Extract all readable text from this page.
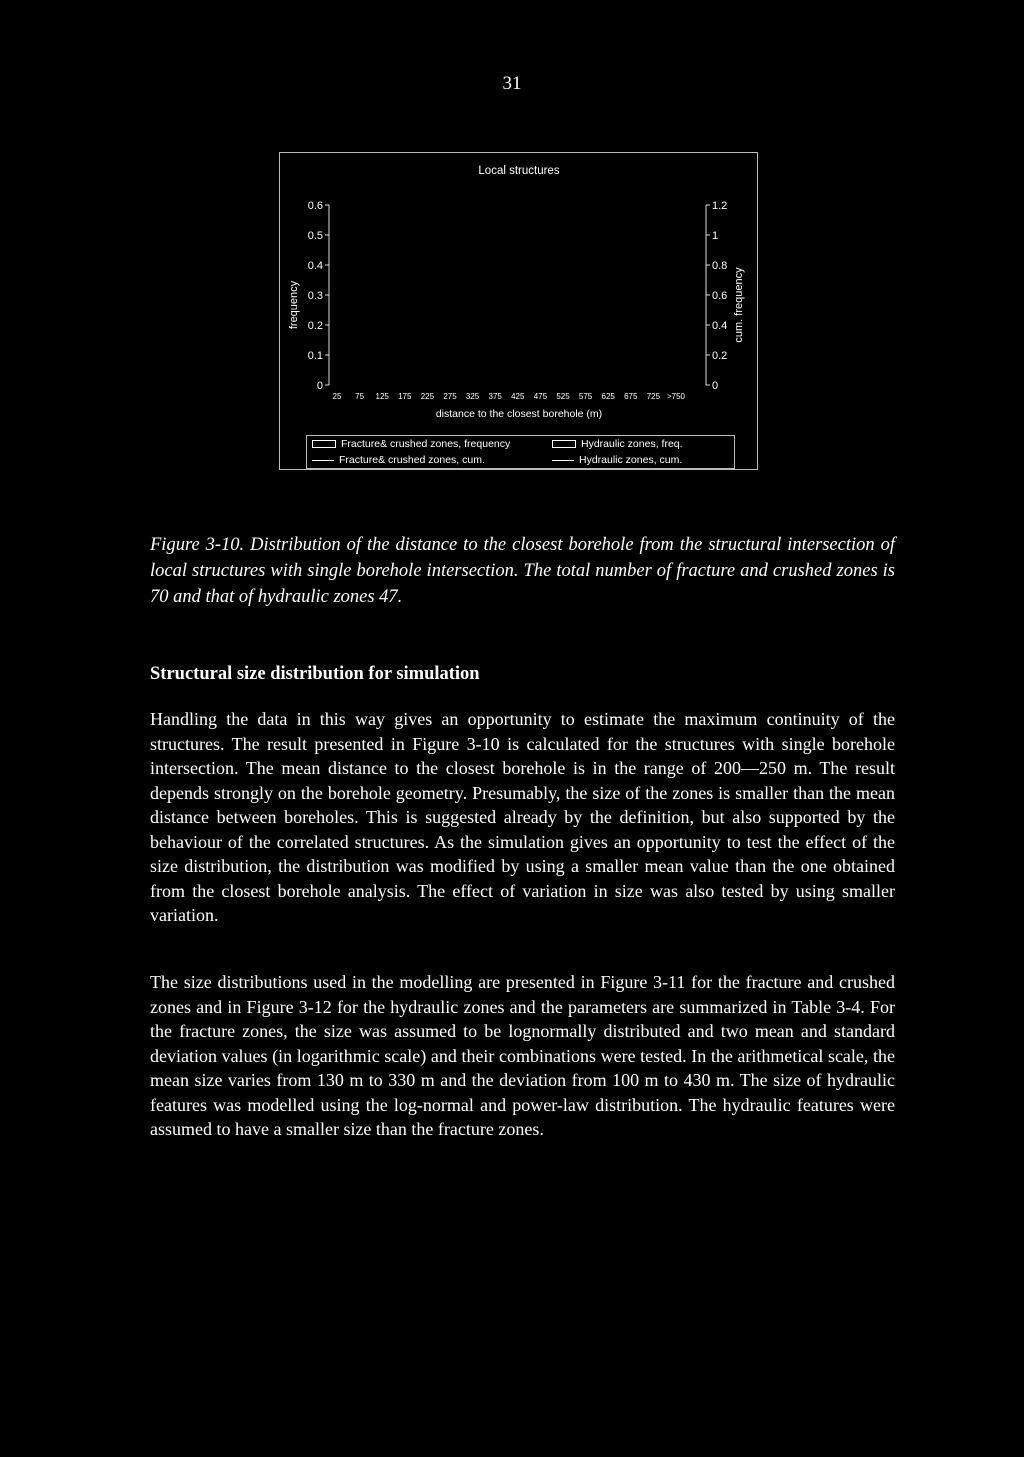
31
Local structures
frequency	cum. frequency
distance to the closest borehole (m)
0
0.1
0.2
0.3
0.4
0.5
0.6
0
0.2
0.4
0.6
0.8
1
1.2
25 75 125 175 225 275 325 375 425 475 525 575 625 675 725 >750
Fracture& crushed zones, frequency
Fracture& crushed zones, cum.
Hydraulic zones, freq.
Hydraulic zones, cum.
Figure 3-10. Distribution of the distance to the closest borehole from the structural intersection of local structures with single borehole intersection. The total number of fracture and crushed zones is 70 and that of hydraulic zones 47.
Structural size distribution for simulation
Handling the data in this way gives an opportunity to estimate the maximum continuity of the structures. The result presented in Figure 3-10 is calculated for the structures with single borehole intersection. The mean distance to the closest borehole is in the range of 200—250 m. The result depends strongly on the borehole geometry. Presumably, the size of the zones is smaller than the mean distance between boreholes. This is suggested already by the definition, but also supported by the behaviour of the correlated structures. As the simulation gives an opportunity to test the effect of the size distribution, the distribution was modified by using a smaller mean value than the one obtained from the closest borehole analysis. The effect of variation in size was also tested by using smaller variation.
The size distributions used in the modelling are presented in Figure 3-11 for the fracture and crushed zones and in Figure 3-12 for the hydraulic zones and the parameters are summarized in Table 3-4. For the fracture zones, the size was assumed to be lognormally distributed and two mean and standard deviation values (in logarithmic scale) and their combinations were tested. In the arithmetical scale, the mean size varies from 130 m to 330 m and the deviation from 100 m to 430 m. The size of hydraulic features was modelled using the log-normal and power-law distribution. The hydraulic features were assumed to have a smaller size than the fracture zones.
